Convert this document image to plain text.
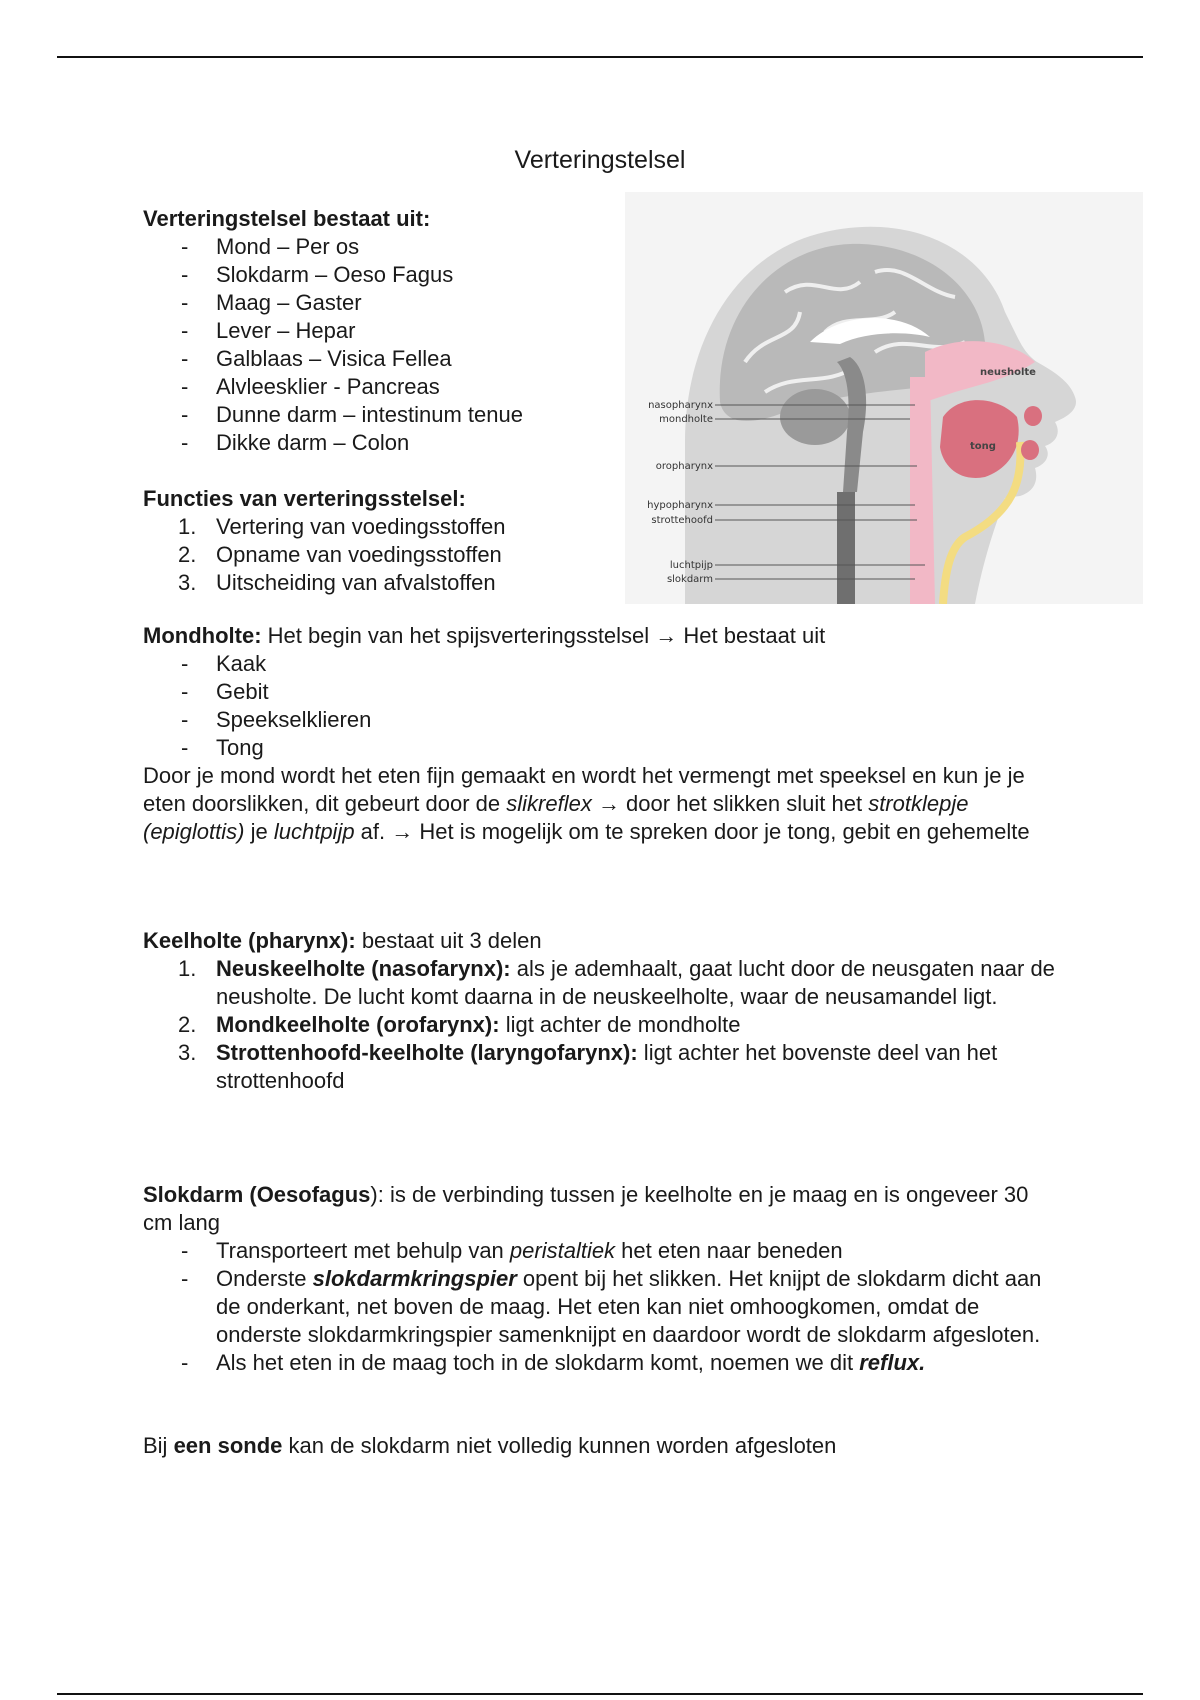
Verteringstelsel
Verteringstelsel bestaat uit:
- Mond – Per os
- Slokdarm – Oeso Fagus
- Maag – Gaster
- Lever – Hepar
- Galblaas – Visica Fellea
- Alvleesklier - Pancreas
- Dunne darm – intestinum tenue
- Dikke darm – Colon
Functies van verteringsstelsel:
1. Vertering van voedingsstoffen
2. Opname van voedingsstoffen
3. Uitscheiding van afvalstoffen
nasopharynx
mondholte
oropharynx
hypopharynx
strottehoofd
luchtpijp
slokdarm
neusholte
tong
Mondholte: Het begin van het spijsverteringsstelsel → Het bestaat uit
- Kaak
- Gebit
- Speekselklieren
- Tong
Door je mond wordt het eten fijn gemaakt en wordt het vermengt met speeksel en kun je je eten doorslikken, dit gebeurt door de slikreflex → door het slikken sluit het strotklepje (epiglottis) je luchtpijp af. → Het is mogelijk om te spreken door je tong, gebit en gehemelte
Keelholte (pharynx): bestaat uit 3 delen
1. Neuskeelholte (nasofarynx): als je ademhaalt, gaat lucht door de neusgaten naar de neusholte. De lucht komt daarna in de neuskeelholte, waar de neusamandel ligt.
2. Mondkeelholte (orofarynx): ligt achter de mondholte
3. Strottenhoofd-keelholte (laryngofarynx): ligt achter het bovenste deel van het strottenhoofd
Slokdarm (Oesofagus): is de verbinding tussen je keelholte en je maag en is ongeveer 30 cm lang
- Transporteert met behulp van peristaltiek het eten naar beneden
- Onderste slokdarmkringspier opent bij het slikken. Het knijpt de slokdarm dicht aan de onderkant, net boven de maag. Het eten kan niet omhoogkomen, omdat de onderste slokdarmkringspier samenknijpt en daardoor wordt de slokdarm afgesloten.
- Als het eten in de maag toch in de slokdarm komt, noemen we dit reflux.
Bij een sonde kan de slokdarm niet volledig kunnen worden afgesloten
